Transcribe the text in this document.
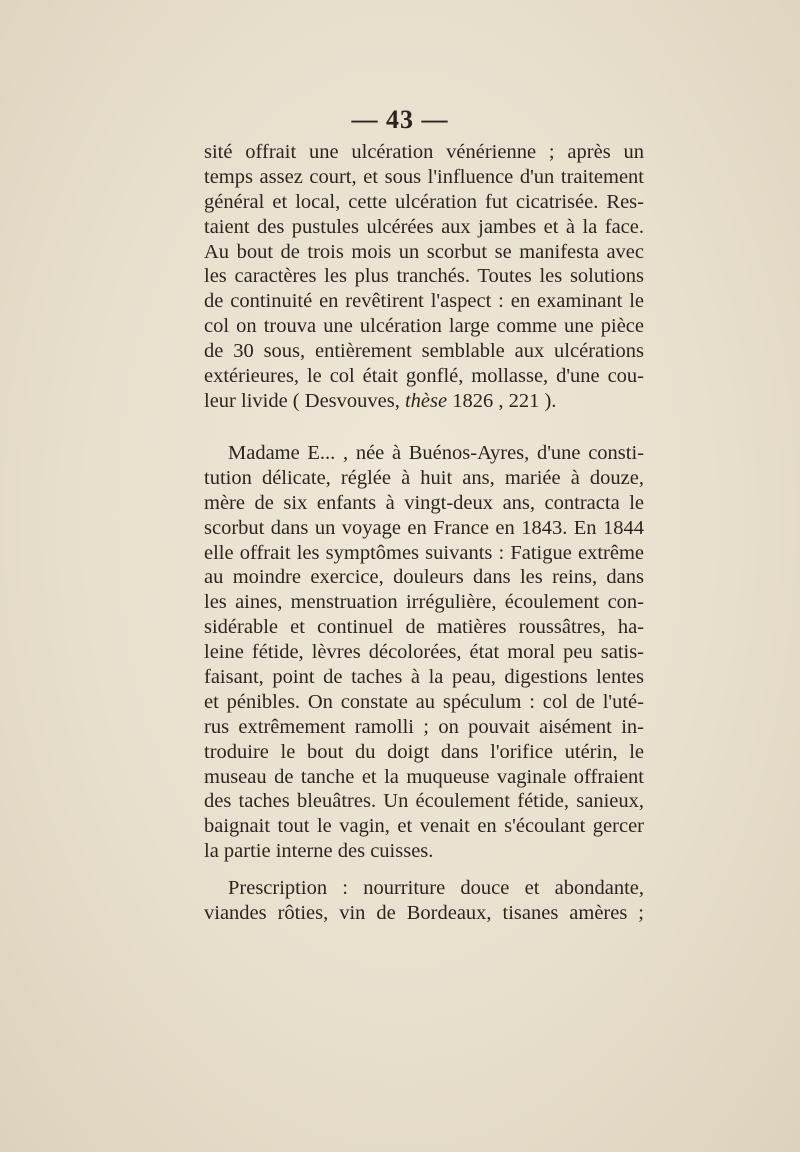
— 43 —
sité offrait une ulcération vénérienne ; après un
temps assez court, et sous l'influence d'un traitement
général et local, cette ulcération fut cicatrisée. Res-
taient des pustules ulcérées aux jambes et à la face.
Au bout de trois mois un scorbut se manifesta avec
les caractères les plus tranchés. Toutes les solutions
de continuité en revêtirent l'aspect : en examinant le
col on trouva une ulcération large comme une pièce
de 30 sous, entièrement semblable aux ulcérations
extérieures, le col était gonflé, mollasse, d'une cou-
leur livide ( Desvouves, thèse 1826 , 221 ).
Madame E... , née à Buénos-Ayres, d'une consti-
tution délicate, réglée à huit ans, mariée à douze,
mère de six enfants à vingt-deux ans, contracta le
scorbut dans un voyage en France en 1843. En 1844
elle offrait les symptômes suivants : Fatigue extrême
au moindre exercice, douleurs dans les reins, dans
les aines, menstruation irrégulière, écoulement con-
sidérable et continuel de matières roussâtres, ha-
leine fétide, lèvres décolorées, état moral peu satis-
faisant, point de taches à la peau, digestions lentes
et pénibles. On constate au spéculum : col de l'uté-
rus extrêmement ramolli ; on pouvait aisément in-
troduire le bout du doigt dans l'orifice utérin, le
museau de tanche et la muqueuse vaginale offraient
des taches bleuâtres. Un écoulement fétide, sanieux,
baignait tout le vagin, et venait en s'écoulant gercer
la partie interne des cuisses.
Prescription : nourriture douce et abondante,
viandes rôties, vin de Bordeaux, tisanes amères ;
